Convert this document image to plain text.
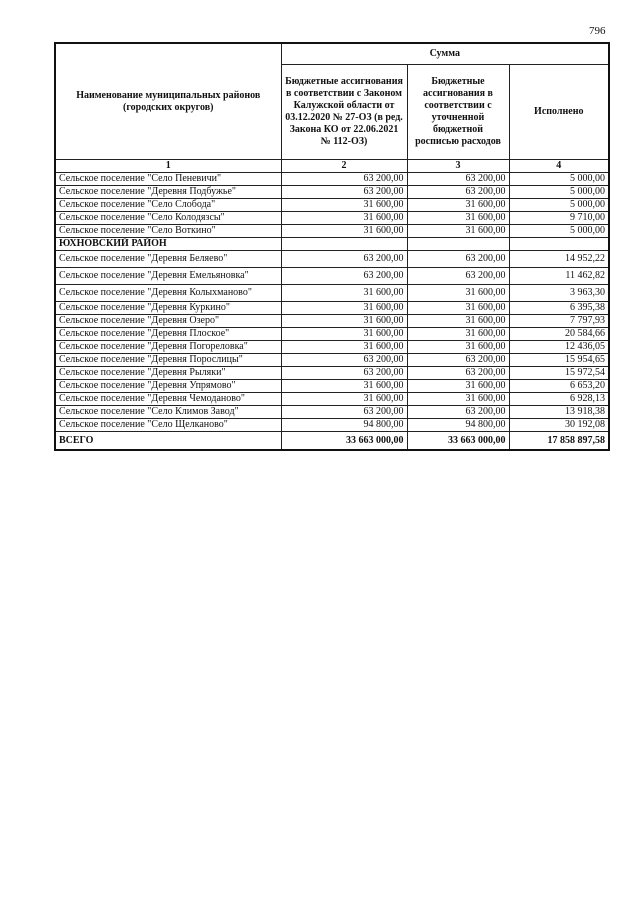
796
Наименование муниципальных районов (городских округов)	Сумма		
	Бюджетные ассигнования в соответствии с Законом Калужской области от 03.12.2020 № 27-ОЗ (в ред. Закона КО от 22.06.2021 № 112-ОЗ)	Бюджетные ассигнования в соответствии с уточненной бюджетной росписью расходов	Исполнено
1	2	3	4
Сельское поселение "Село Пеневичи"	63 200,00	63 200,00	5 000,00
Сельское поселение "Деревня Подбужье"	63 200,00	63 200,00	5 000,00
Сельское поселение "Село Слобода"	31 600,00	31 600,00	5 000,00
Сельское поселение "Село Колодязсы"	31 600,00	31 600,00	9 710,00
Сельское поселение "Село Воткино"	31 600,00	31 600,00	5 000,00
ЮХНОВСКИЙ РАЙОН			
Сельское поселение "Деревня Беляево"	63 200,00	63 200,00	14 952,22
Сельское поселение "Деревня Емельяновка"	63 200,00	63 200,00	11 462,82
Сельское поселение "Деревня Колыхманово"	31 600,00	31 600,00	3 963,30
Сельское поселение "Деревня Куркино"	31 600,00	31 600,00	6 395,38
Сельское поселение "Деревня Озеро"	31 600,00	31 600,00	7 797,93
Сельское поселение "Деревня Плоское"	31 600,00	31 600,00	20 584,66
Сельское поселение "Деревня Погореловка"	31 600,00	31 600,00	12 436,05
Сельское поселение "Деревня Порослицы"	63 200,00	63 200,00	15 954,65
Сельское поселение "Деревня Рыляки"	63 200,00	63 200,00	15 972,54
Сельское поселение "Деревня Упрямово"	31 600,00	31 600,00	6 653,20
Сельское поселение "Деревня Чемоданово"	31 600,00	31 600,00	6 928,13
Сельское поселение "Село Климов Завод"	63 200,00	63 200,00	13 918,38
Сельское поселение "Село Щелканово"	94 800,00	94 800,00	30 192,08
ВСЕГО	33 663 000,00	33 663 000,00	17 858 897,58
